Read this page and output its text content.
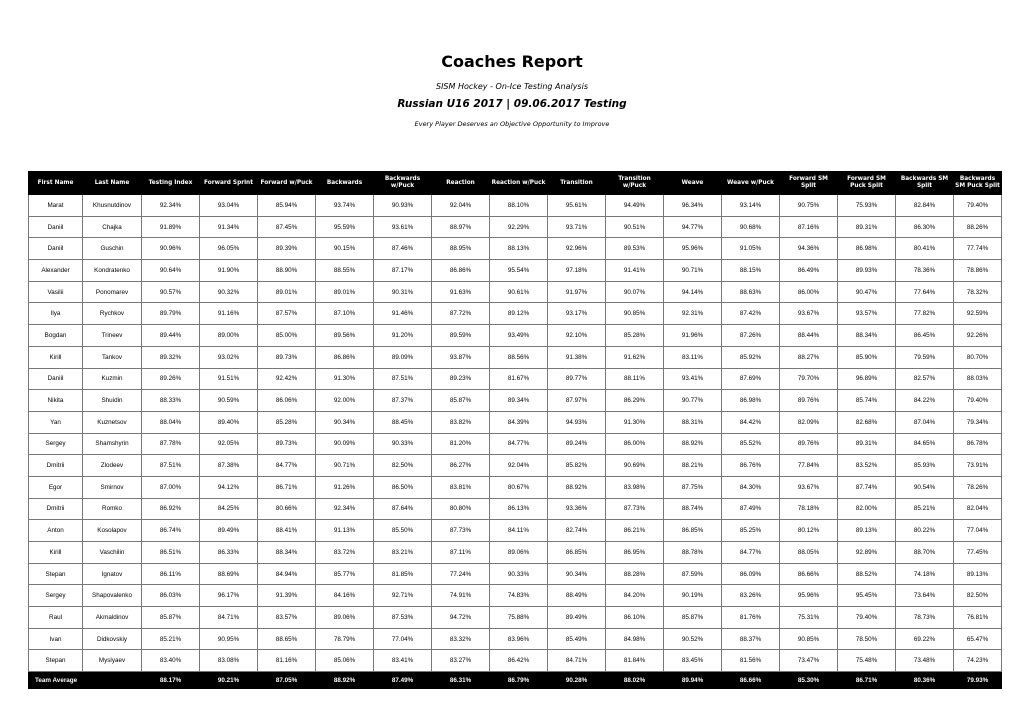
Coaches Report
SISM Hockey - On-Ice Testing Analysis
Russian U16 2017 | 09.06.2017 Testing
Every Player Deserves an Objective Opportunity to Improve
First Name	Last Name	Testing Index	Forward Sprint	Forward w/Puck	Backwards	Backwards w/Puck	Reaction	Reaction w/Puck	Transition	Transition w/Puck	Weave	Weave w/Puck	Forward SM Split	Forward SM Puck Split	Backwards SM Split	Backwards SM Puck Split
Marat	Khusnutdinov	92.34%	93.04%	85.94%	93.74%	90.93%	92.04%	88.10%	95.61%	94.49%	96.34%	93.14%	90.75%	75.93%	82.84%	79.40%
Daniil	Chajka	91.89%	91.34%	87.45%	95.59%	93.61%	88.97%	92.29%	93.71%	90.51%	94.77%	90.68%	87.16%	89.31%	86.30%	88.26%
Daniil	Guschin	90.96%	96.05%	89.39%	90.15%	87.46%	88.95%	88.13%	92.96%	89.53%	95.96%	91.05%	94.36%	86.98%	80.41%	77.74%
Alexander	Kondratenko	90.64%	91.90%	88.90%	88.55%	87.17%	86.86%	95.54%	97.18%	91.41%	90.71%	88.15%	86.49%	89.93%	78.36%	78.86%
Vasilii	Ponomarev	90.57%	90.32%	89.01%	89.01%	90.31%	91.63%	90.61%	91.97%	90.07%	94.14%	88.63%	86.00%	90.47%	77.64%	78.32%
Ilya	Rychkov	89.79%	91.16%	87.57%	87.10%	91.46%	87.72%	89.12%	93.17%	90.85%	92.31%	87.42%	93.67%	93.57%	77.82%	92.59%
Bogdan	Trineev	89.44%	89.00%	85.00%	89.56%	91.20%	89.59%	93.49%	92.10%	85.28%	91.96%	87.26%	88.44%	88.34%	86.45%	92.26%
Kirill	Tankov	89.32%	93.02%	89.73%	86.86%	89.09%	93.87%	88.56%	91.38%	91.62%	83.11%	85.92%	88.27%	85.90%	79.59%	80.70%
Daniil	Kuzmin	89.26%	91.51%	92.42%	91.30%	87.51%	89.23%	81.67%	89.77%	88.11%	93.41%	87.69%	79.70%	96.89%	82.57%	88.03%
Nikita	Shuidin	88.33%	90.59%	86.06%	92.00%	87.37%	85.87%	89.34%	87.97%	86.29%	90.77%	86.98%	89.76%	85.74%	84.22%	79.40%
Yan	Kuznetsov	88.04%	89.40%	85.28%	90.34%	88.45%	83.82%	84.39%	94.93%	91.30%	88.31%	84.42%	82.09%	82.68%	87.04%	79.34%
Sergey	Shamshyrin	87.78%	92.05%	89.73%	90.09%	90.33%	81.20%	84.77%	89.24%	86.00%	88.92%	85.52%	89.76%	89.31%	84.65%	86.78%
Dmitrii	Zlodeev	87.51%	87.38%	84.77%	90.71%	82.50%	86.27%	92.04%	85.82%	90.69%	88.21%	86.76%	77.84%	83.52%	85.93%	73.91%
Egor	Smirnov	87.00%	94.12%	86.71%	91.26%	86.50%	83.81%	80.67%	88.92%	83.98%	87.75%	84.30%	93.67%	87.74%	90.54%	78.26%
Dmitrii	Romko	86.92%	84.25%	80.66%	92.34%	87.64%	80.80%	86.13%	93.36%	87.73%	88.74%	87.49%	78.18%	82.00%	85.21%	82.04%
Anton	Kosolapov	86.74%	89.49%	88.41%	91.13%	85.50%	87.73%	84.11%	82.74%	86.21%	86.85%	85.25%	80.12%	89.13%	80.22%	77.04%
Kirill	Vaschilin	86.51%	86.33%	88.34%	83.72%	83.21%	87.11%	89.06%	86.85%	86.95%	88.78%	84.77%	88.05%	92.89%	88.70%	77.45%
Stepan	Ignatov	86.11%	88.69%	84.94%	85.77%	81.85%	77.24%	90.33%	90.34%	88.28%	87.59%	86.09%	86.66%	88.52%	74.18%	89.13%
Sergey	Shapovalenko	86.03%	96.17%	91.39%	84.16%	92.71%	74.91%	74.83%	88.49%	84.20%	90.19%	83.26%	95.96%	95.45%	73.64%	82.50%
Raul	Akmaldinov	85.87%	84.71%	83.57%	89.06%	87.53%	94.72%	75.88%	89.49%	86.10%	85.87%	81.76%	75.31%	79.40%	78.73%	76.81%
Ivan	Didkovskiy	85.21%	90.95%	88.65%	78.79%	77.04%	83.32%	83.96%	85.49%	84.98%	90.52%	88.37%	90.85%	78.50%	69.22%	65.47%
Stepan	Myslyaev	83.40%	83.08%	81.16%	85.06%	83.41%	83.27%	86.42%	84.71%	81.84%	83.45%	81.56%	73.47%	75.48%	73.48%	74.23%
Team Average		88.17%	90.21%	87.05%	88.92%	87.49%	86.31%	86.79%	90.28%	88.02%	89.94%	86.66%	85.30%	86.71%	80.36%	79.93%
